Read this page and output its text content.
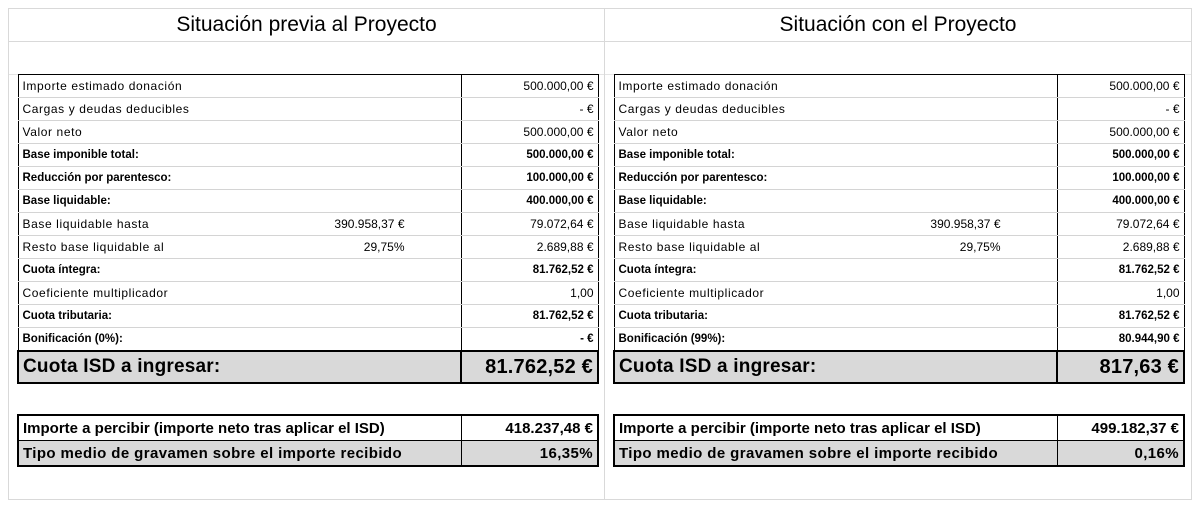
Situación previa al Proyecto
Importe estimado donación		500.000,00 €
Cargas y deudas deducibles		- €
Valor neto		500.000,00 €
Base imponible total:		500.000,00 €
Reducción por parentesco:		100.000,00 €
Base liquidable:		400.000,00 €
Base liquidable hasta	390.958,37 €	79.072,64 €
Resto base liquidable al	29,75%	2.689,88 €
Cuota íntegra:		81.762,52 €
Coeficiente multiplicador		1,00
Cuota tributaria:		81.762,52 €
Bonificación (0%):		- €
Cuota ISD a ingresar:		81.762,52 €
Importe a percibir (importe neto tras aplicar el ISD)	418.237,48 €
Tipo medio de gravamen sobre el importe recibido	16,35%
Situación con el Proyecto
Importe estimado donación		500.000,00 €
Cargas y deudas deducibles		- €
Valor neto		500.000,00 €
Base imponible total:		500.000,00 €
Reducción por parentesco:		100.000,00 €
Base liquidable:		400.000,00 €
Base liquidable hasta	390.958,37 €	79.072,64 €
Resto base liquidable al	29,75%	2.689,88 €
Cuota íntegra:		81.762,52 €
Coeficiente multiplicador		1,00
Cuota tributaria:		81.762,52 €
Bonificación (99%):		80.944,90 €
Cuota ISD a ingresar:		817,63 €
Importe a percibir (importe neto tras aplicar el ISD)	499.182,37 €
Tipo medio de gravamen sobre el importe recibido	0,16%
